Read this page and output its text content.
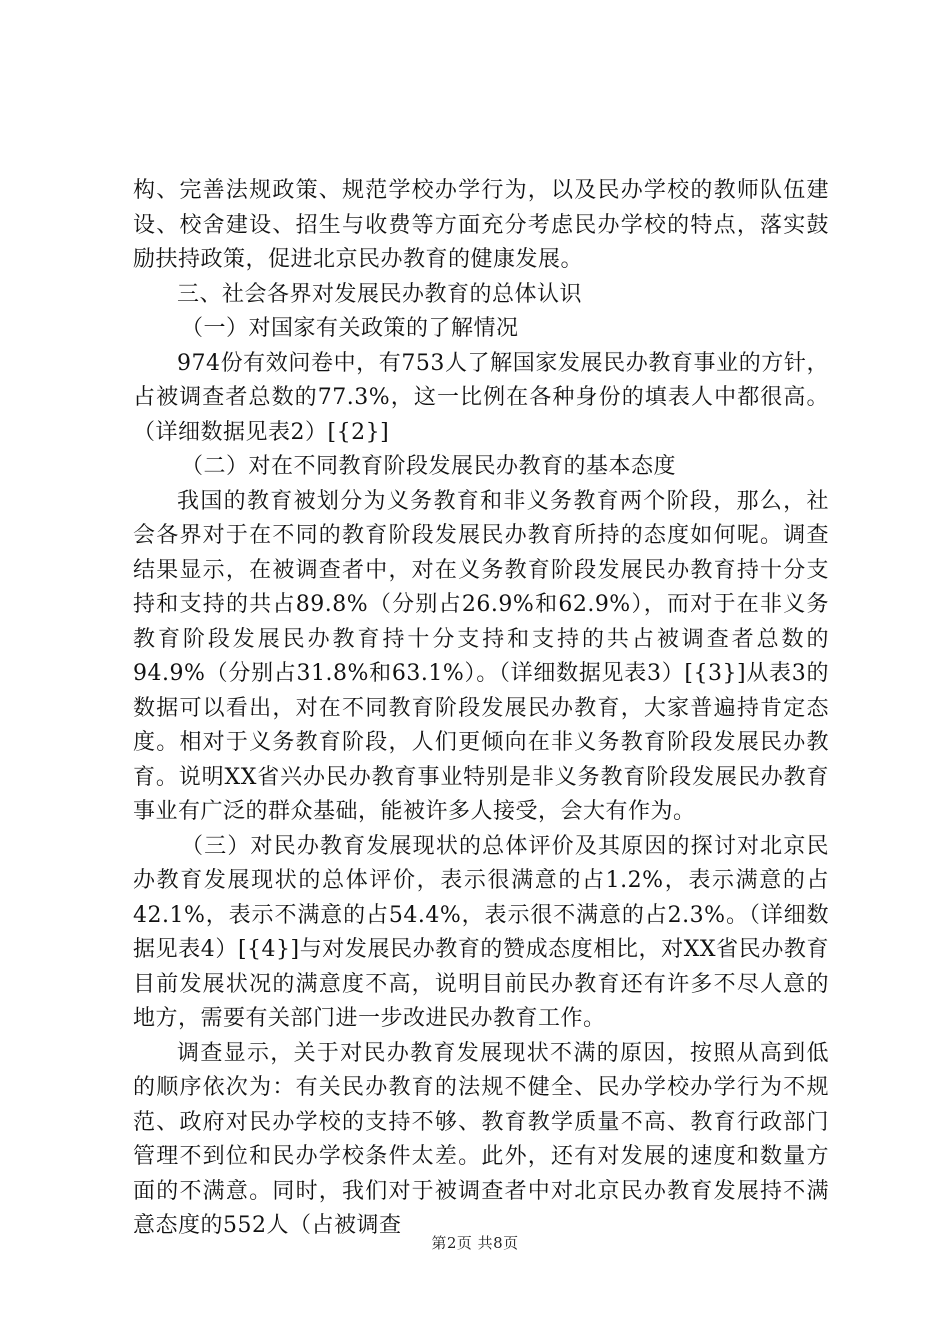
构、完善法规政策、规范学校办学行为，以及民办学校的教师队伍建设、校舍建设、招生与收费等方面充分考虑民办学校的特点，落实鼓励扶持政策，促进北京民办教育的健康发展。

三、社会各界对发展民办教育的总体认识

（一）对国家有关政策的了解情况

974份有效问卷中，有753人了解国家发展民办教育事业的方针，占被调查者总数的77.3%，这一比例在各种身份的填表人中都很高。（详细数据见表2）[{2}]

（二）对在不同教育阶段发展民办教育的基本态度

我国的教育被划分为义务教育和非义务教育两个阶段，那么，社会各界对于在不同的教育阶段发展民办教育所持的态度如何呢。调查结果显示，在被调查者中，对在义务教育阶段发展民办教育持十分支持和支持的共占89.8%（分别占26.9%和62.9%），而对于在非义务教育阶段发展民办教育持十分支持和支持的共占被调查者总数的94.9%（分别占31.8%和63.1%）。（详细数据见表3）[{3}]从表3的数据可以看出，对在不同教育阶段发展民办教育，大家普遍持肯定态度。相对于义务教育阶段，人们更倾向在非义务教育阶段发展民办教育。说明XX省兴办民办教育事业特别是非义务教育阶段发展民办教育事业有广泛的群众基础，能被许多人接受，会大有作为。

（三）对民办教育发展现状的总体评价及其原因的探讨对北京民办教育发展现状的总体评价，表示很满意的占1.2%，表示满意的占42.1%，表示不满意的占54.4%，表示很不满意的占2.3%。（详细数据见表4）[{4}]与对发展民办教育的赞成态度相比，对XX省民办教育目前发展状况的满意度不高，说明目前民办教育还有许多不尽人意的地方，需要有关部门进一步改进民办教育工作。

调查显示，关于对民办教育发展现状不满的原因，按照从高到低的顺序依次为：有关民办教育的法规不健全、民办学校办学行为不规范、政府对民办学校的支持不够、教育教学质量不高、教育行政部门管理不到位和民办学校条件太差。此外，还有对发展的速度和数量方面的不满意。同时，我们对于被调查者中对北京民办教育发展持不满意态度的552人（占被调查

第2页 共8页
